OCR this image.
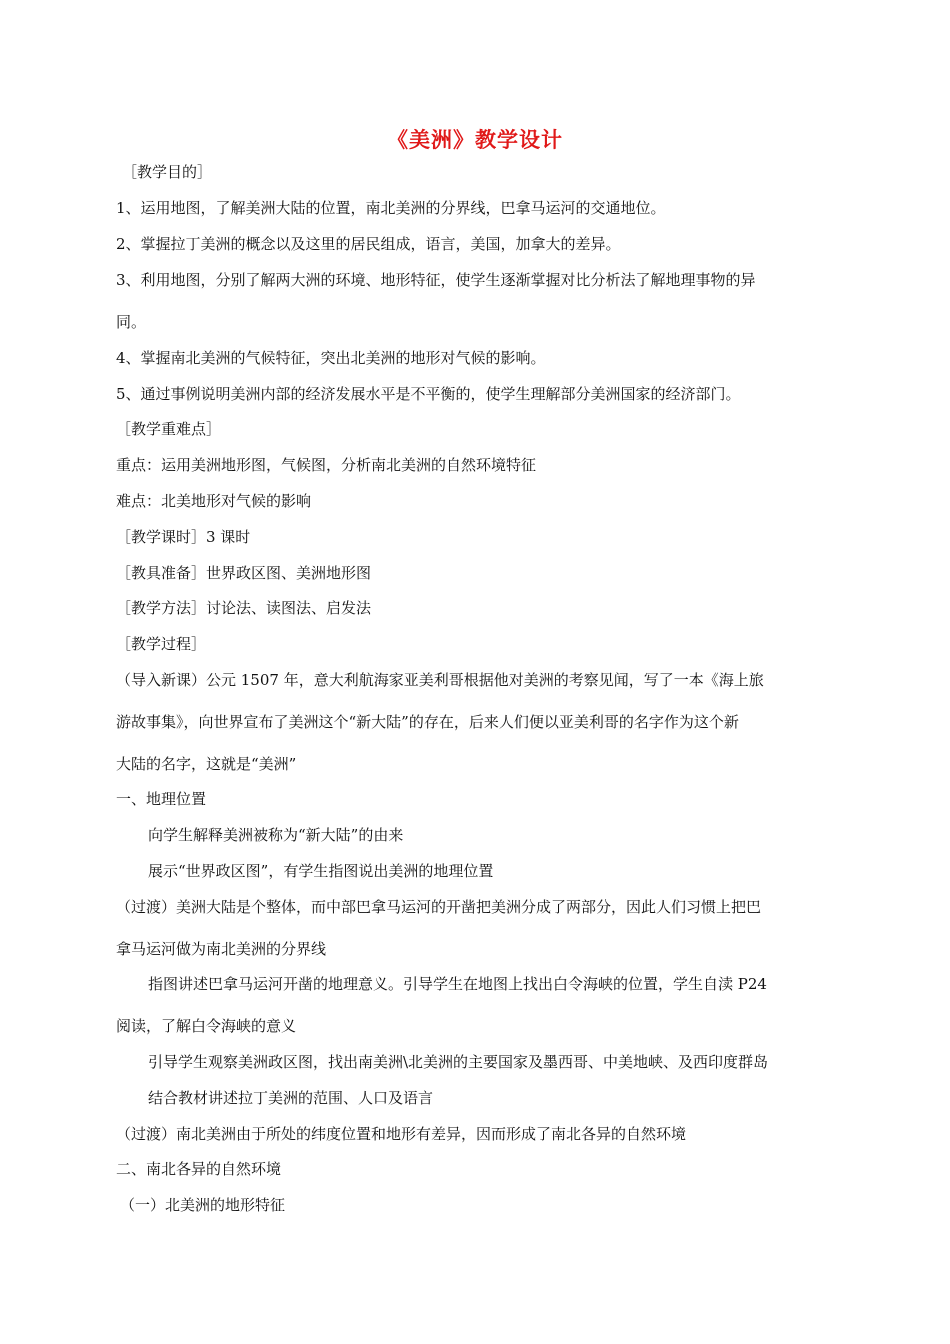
《美洲》教学设计
［教学目的］
1、运用地图，了解美洲大陆的位置，南北美洲的分界线，巴拿马运河的交通地位。
2、掌握拉丁美洲的概念以及这里的居民组成，语言，美国，加拿大的差异。
3、利用地图，分别了解两大洲的环境、地形特征，使学生逐渐掌握对比分析法了解地理事物的异
同。
4、掌握南北美洲的气候特征，突出北美洲的地形对气候的影响。
5、通过事例说明美洲内部的经济发展水平是不平衡的，使学生理解部分美洲国家的经济部门。
［教学重难点］
重点：运用美洲地形图，气候图，分析南北美洲的自然环境特征
难点：北美地形对气候的影响
［教学课时］3 课时
［教具准备］世界政区图、美洲地形图
［教学方法］讨论法、读图法、启发法
［教学过程］
（导入新课）公元 1507 年，意大利航海家亚美利哥根据他对美洲的考察见闻，写了一本《海上旅
游故事集》，向世界宣布了美洲这个“新大陆”的存在，后来人们便以亚美利哥的名字作为这个新
大陆的名字，这就是“美洲”
一、地理位置
向学生解释美洲被称为“新大陆”的由来
展示“世界政区图”，有学生指图说出美洲的地理位置
（过渡）美洲大陆是个整体，而中部巴拿马运河的开凿把美洲分成了两部分，因此人们习惯上把巴
拿马运河做为南北美洲的分界线
指图讲述巴拿马运河开凿的地理意义。引导学生在地图上找出白令海峡的位置，学生自渎 P24
阅读，了解白令海峡的意义
引导学生观察美洲政区图，找出南美洲\北美洲的主要国家及墨西哥、中美地峡、及西印度群岛
结合教材讲述拉丁美洲的范围、人口及语言
（过渡）南北美洲由于所处的纬度位置和地形有差异，因而形成了南北各异的自然环境
二、南北各异的自然环境
（一）北美洲的地形特征
